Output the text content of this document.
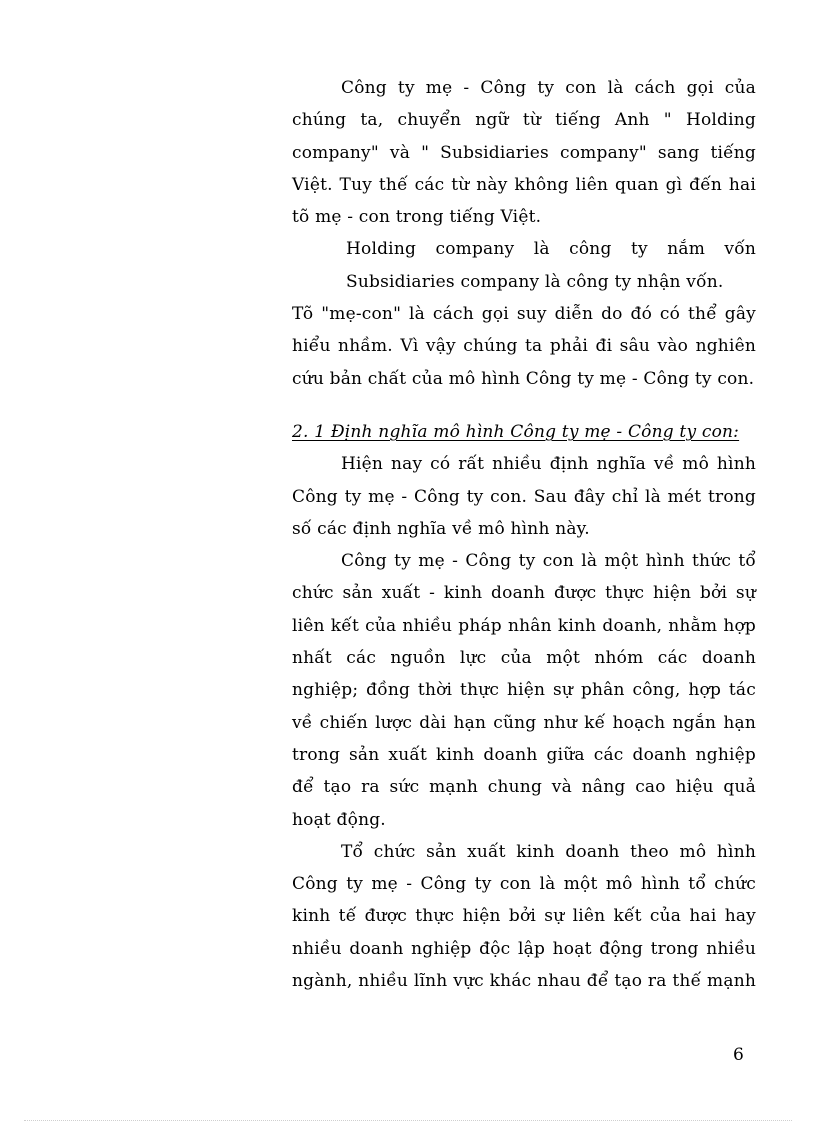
Công ty mẹ - Công ty con là cách gọi của chúng ta, chuyển ngữ từ tiếng Anh " Holding company" và " Subsidiaries company" sang tiếng Việt. Tuy thế các từ này không liên quan gì đến hai tõ mẹ - con trong tiếng Việt.

Holding company là công ty nắm vốn

Subsidiaries company là công ty nhận vốn.

Tõ "mẹ-con" là cách gọi suy diễn do đó có thể gây hiểu nhầm. Vì vậy chúng ta phải đi sâu vào nghiên cứu bản chất của mô hình Công ty mẹ - Công ty con.

2. 1 Định nghĩa mô hình Công ty mẹ - Công ty con:

Hiện nay có rất nhiều định nghĩa về mô hình Công ty mẹ - Công ty con. Sau đây chỉ là mét trong số các định nghĩa về mô hình này.

Công ty mẹ - Công ty con là một hình thức tổ chức sản xuất - kinh doanh được thực hiện bởi sự liên kết của nhiều pháp nhân kinh doanh, nhằm hợp nhất các nguồn lực của một nhóm các doanh nghiệp; đồng thời thực hiện sự phân công, hợp tác về chiến lược dài hạn cũng như kế hoạch ngắn hạn trong sản xuất kinh doanh giữa các doanh nghiệp để tạo ra sức mạnh chung và nâng cao hiệu quả hoạt động.

Tổ chức sản xuất kinh doanh theo mô hình Công ty mẹ - Công ty con là một mô hình tổ chức kinh tế được thực hiện bởi sự liên kết của hai hay nhiều doanh nghiệp độc lập hoạt động trong nhiều ngành, nhiều lĩnh vực khác nhau để tạo ra thế mạnh

6
